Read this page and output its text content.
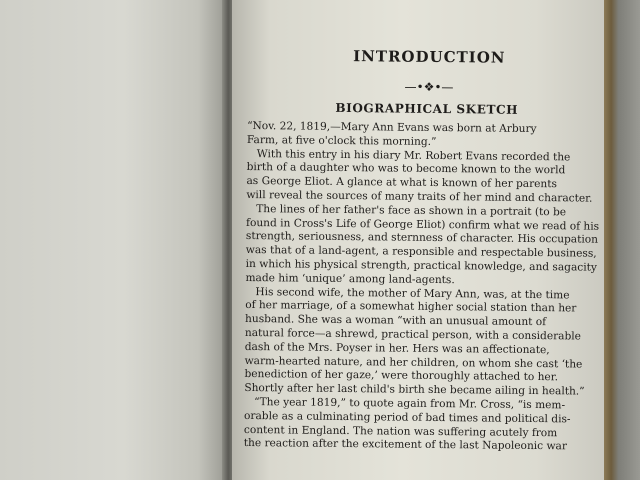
INTRODUCTION
—•❖•—
BIOGRAPHICAL SKETCH
“Nov. 22, 1819,—Mary Ann Evans was born at Arbury
Farm, at five o'clock this morning.”
With this entry in his diary Mr. Robert Evans recorded the
birth of a daughter who was to become known to the world
as George Eliot. A glance at what is known of her parents
will reveal the sources of many traits of her mind and character.
The lines of her father's face as shown in a portrait (to be
found in Cross's Life of George Eliot) confirm what we read of his
strength, seriousness, and sternness of character. His occupation
was that of a land-agent, a responsible and respectable business,
in which his physical strength, practical knowledge, and sagacity
made him ‘unique’ among land-agents.
His second wife, the mother of Mary Ann, was, at the time
of her marriage, of a somewhat higher social station than her
husband. She was a woman “with an unusual amount of
natural force—a shrewd, practical person, with a considerable
dash of the Mrs. Poyser in her. Hers was an affectionate,
warm-hearted nature, and her children, on whom she cast ‘the
benediction of her gaze,’ were thoroughly attached to her.
Shortly after her last child's birth she became ailing in health.”
“The year 1819,” to quote again from Mr. Cross, “is mem-
orable as a culminating period of bad times and political dis-
content in England. The nation was suffering acutely from
the reaction after the excitement of the last Napoleonic war
